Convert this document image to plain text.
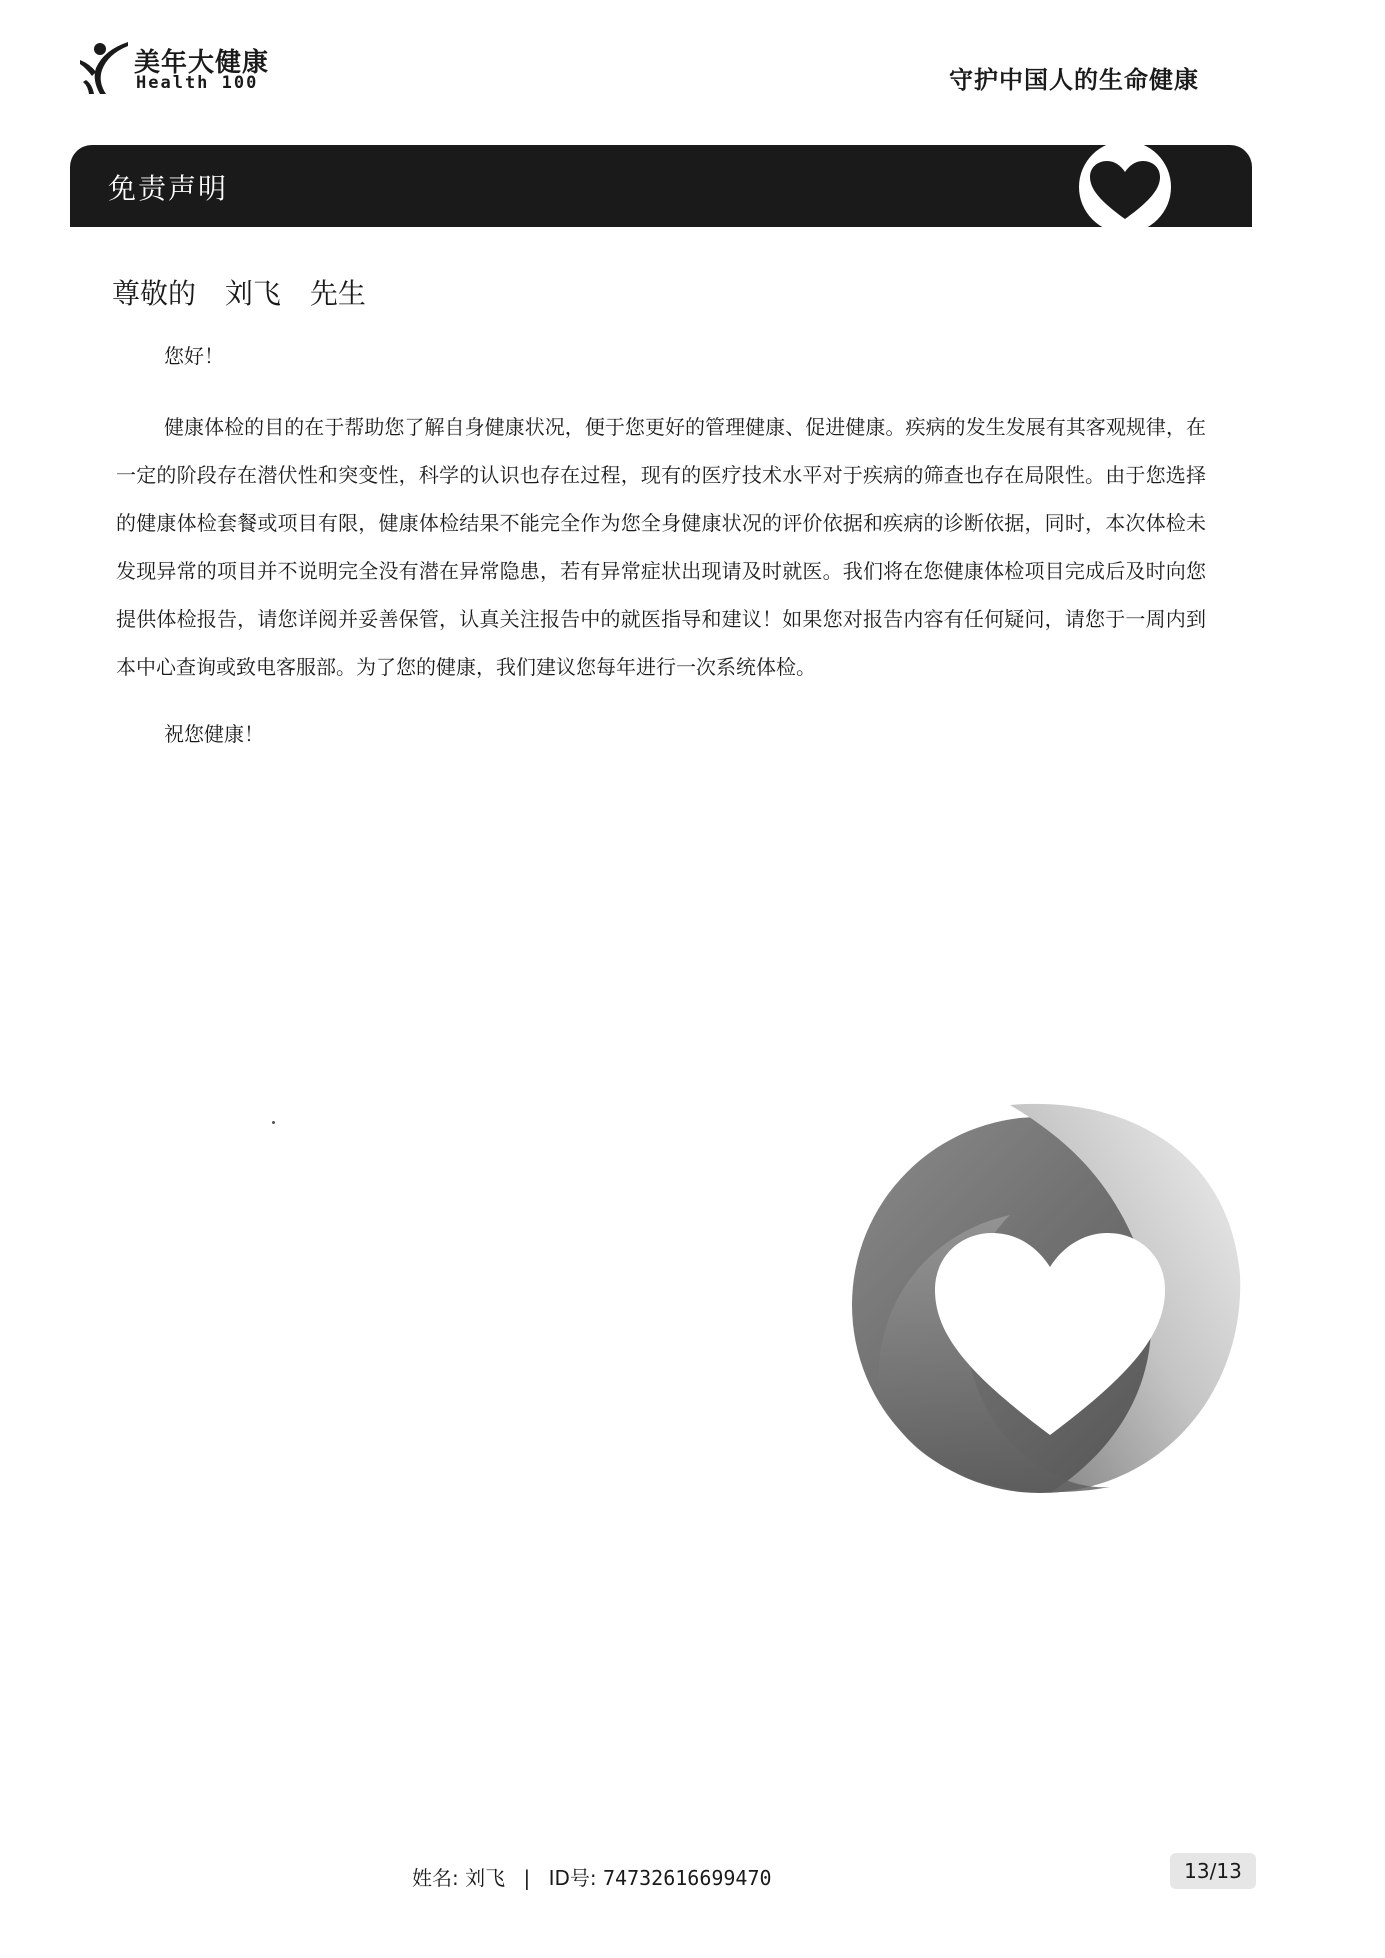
美年大健康
Health 100	守护中国人的生命健康
免责声明
尊敬的 刘飞 先生
您好！

健康体检的目的在于帮助您了解自身健康状况，便于您更好的管理健康、促进健康。疾病的发生发展有其客观规律，在一定的阶段存在潜伏性和突变性，科学的认识也存在过程，现有的医疗技术水平对于疾病的筛查也存在局限性。由于您选择的健康体检套餐或项目有限，健康体检结果不能完全作为您全身健康状况的评价依据和疾病的诊断依据，同时，本次体检未发现异常的项目并不说明完全没有潜在异常隐患，若有异常症状出现请及时就医。我们将在您健康体检项目完成后及时向您提供体检报告，请您详阅并妥善保管，认真关注报告中的就医指导和建议！如果您对报告内容有任何疑问，请您于一周内到本中心查询或致电客服部。为了您的健康，我们建议您每年进行一次系统体检。

祝您健康！
姓名: 刘飞 | ID号: 74732616699470	13/13
